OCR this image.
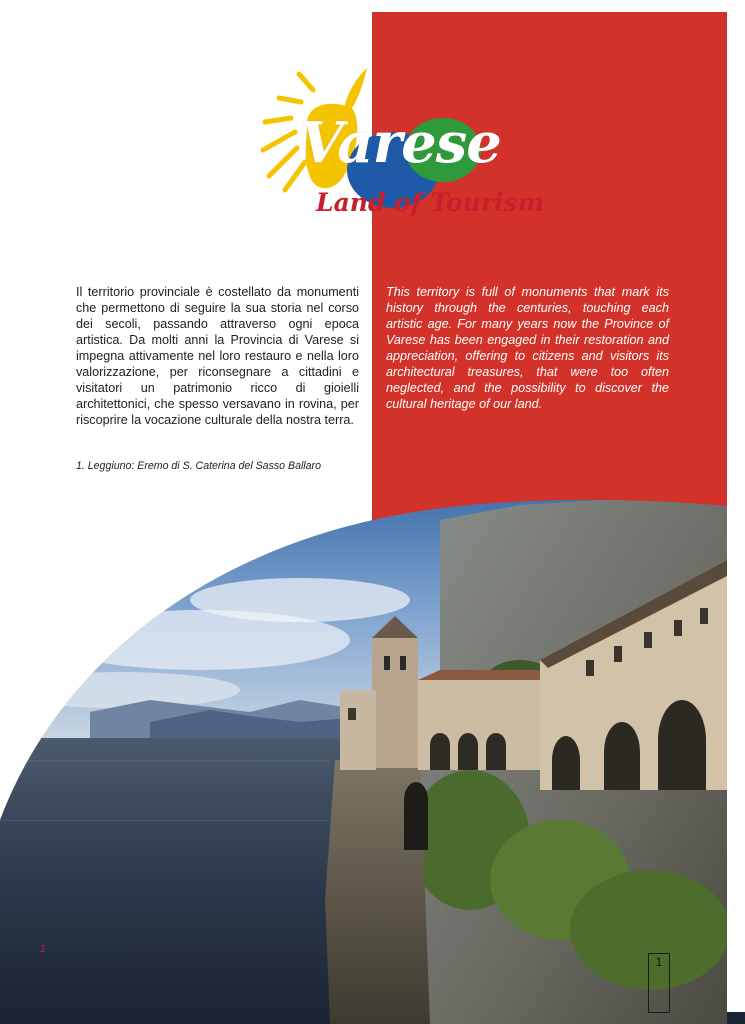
Varese
Land of Tourism
Il territorio provinciale è costellato da monumenti che permettono di seguire la sua storia nel corso dei secoli, passando attraverso ogni epoca artistica. Da molti anni la Provincia di Varese si impegna attivamente nel loro restauro e nella loro valorizzazione, per riconsegnare a cittadini e visitatori un patrimonio ricco di gioielli architettonici, che spesso versavano in rovina, per riscoprire la vocazione culturale della nostra terra.
This territory is full of monuments that mark its history through the centuries, touching each artistic age. For many years now the Province of Varese has been engaged in their restoration and appreciation, offering to citizens and visitors its architectural treasures, that were too often neglected, and the possibility to discover the cultural heritage of our land.
1. Leggiuno: Eremo di S. Caterina del Sasso Ballaro
1
1
